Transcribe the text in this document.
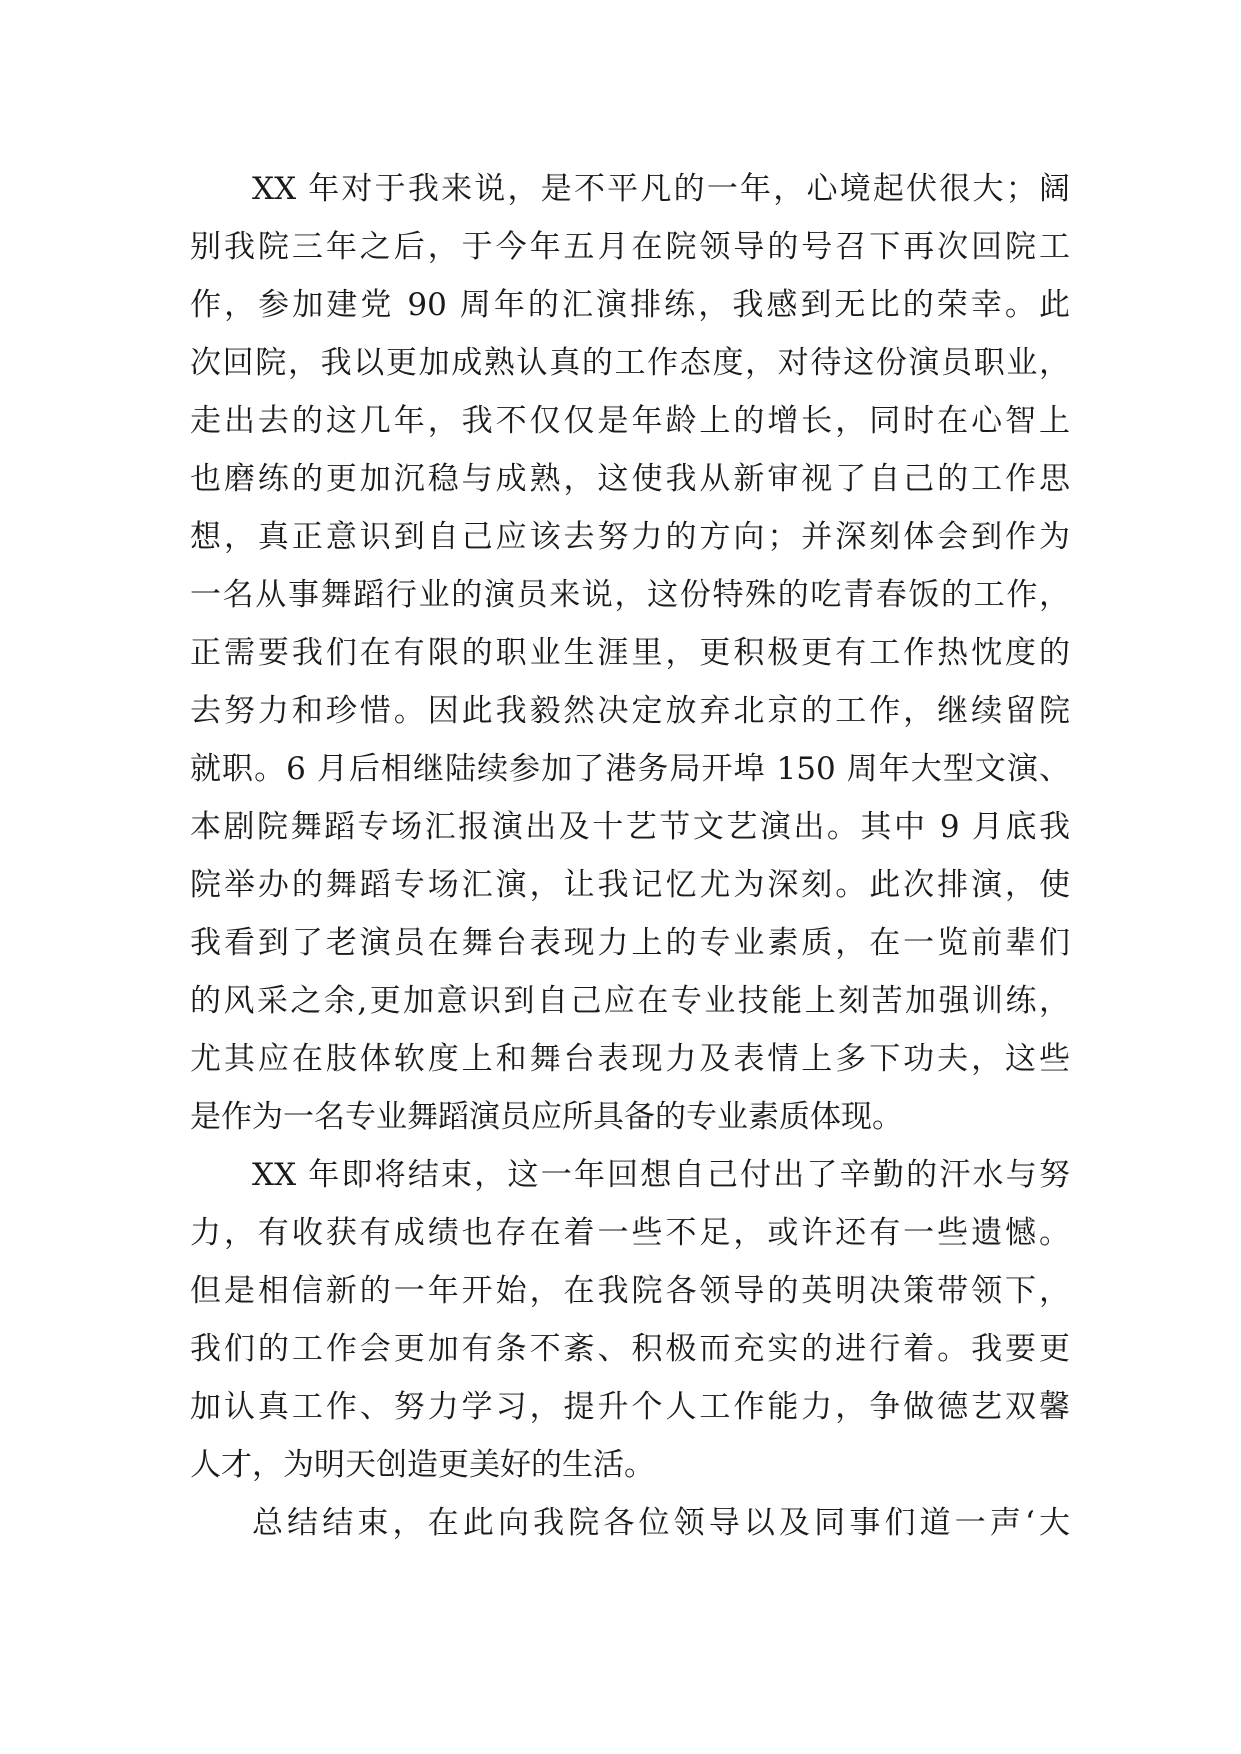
XX 年对于我来说，是不平凡的一年，心境起伏很大；阔
别我院三年之后，于今年五月在院领导的号召下再次回院工
作，参加建党 90 周年的汇演排练，我感到无比的荣幸。此
次回院，我以更加成熟认真的工作态度，对待这份演员职业，
走出去的这几年，我不仅仅是年龄上的增长，同时在心智上
也磨练的更加沉稳与成熟，这使我从新审视了自己的工作思
想，真正意识到自己应该去努力的方向；并深刻体会到作为
一名从事舞蹈行业的演员来说，这份特殊的吃青春饭的工作，
正需要我们在有限的职业生涯里，更积极更有工作热忱度的
去努力和珍惜。因此我毅然决定放弃北京的工作，继续留院
就职。6 月后相继陆续参加了港务局开埠 150 周年大型文演、
本剧院舞蹈专场汇报演出及十艺节文艺演出。其中 9 月底我
院举办的舞蹈专场汇演，让我记忆尤为深刻。此次排演，使
我看到了老演员在舞台表现力上的专业素质，在一览前辈们
的风采之余,更加意识到自己应在专业技能上刻苦加强训练，
尤其应在肢体软度上和舞台表现力及表情上多下功夫，这些
是作为一名专业舞蹈演员应所具备的专业素质体现。
XX 年即将结束，这一年回想自己付出了辛勤的汗水与努
力，有收获有成绩也存在着一些不足，或许还有一些遗憾。
但是相信新的一年开始，在我院各领导的英明决策带领下，
我们的工作会更加有条不紊、积极而充实的进行着。我要更
加认真工作、努力学习，提升个人工作能力，争做德艺双馨
人才，为明天创造更美好的生活。
总结结束，在此向我院各位领导以及同事们道一声‘大
